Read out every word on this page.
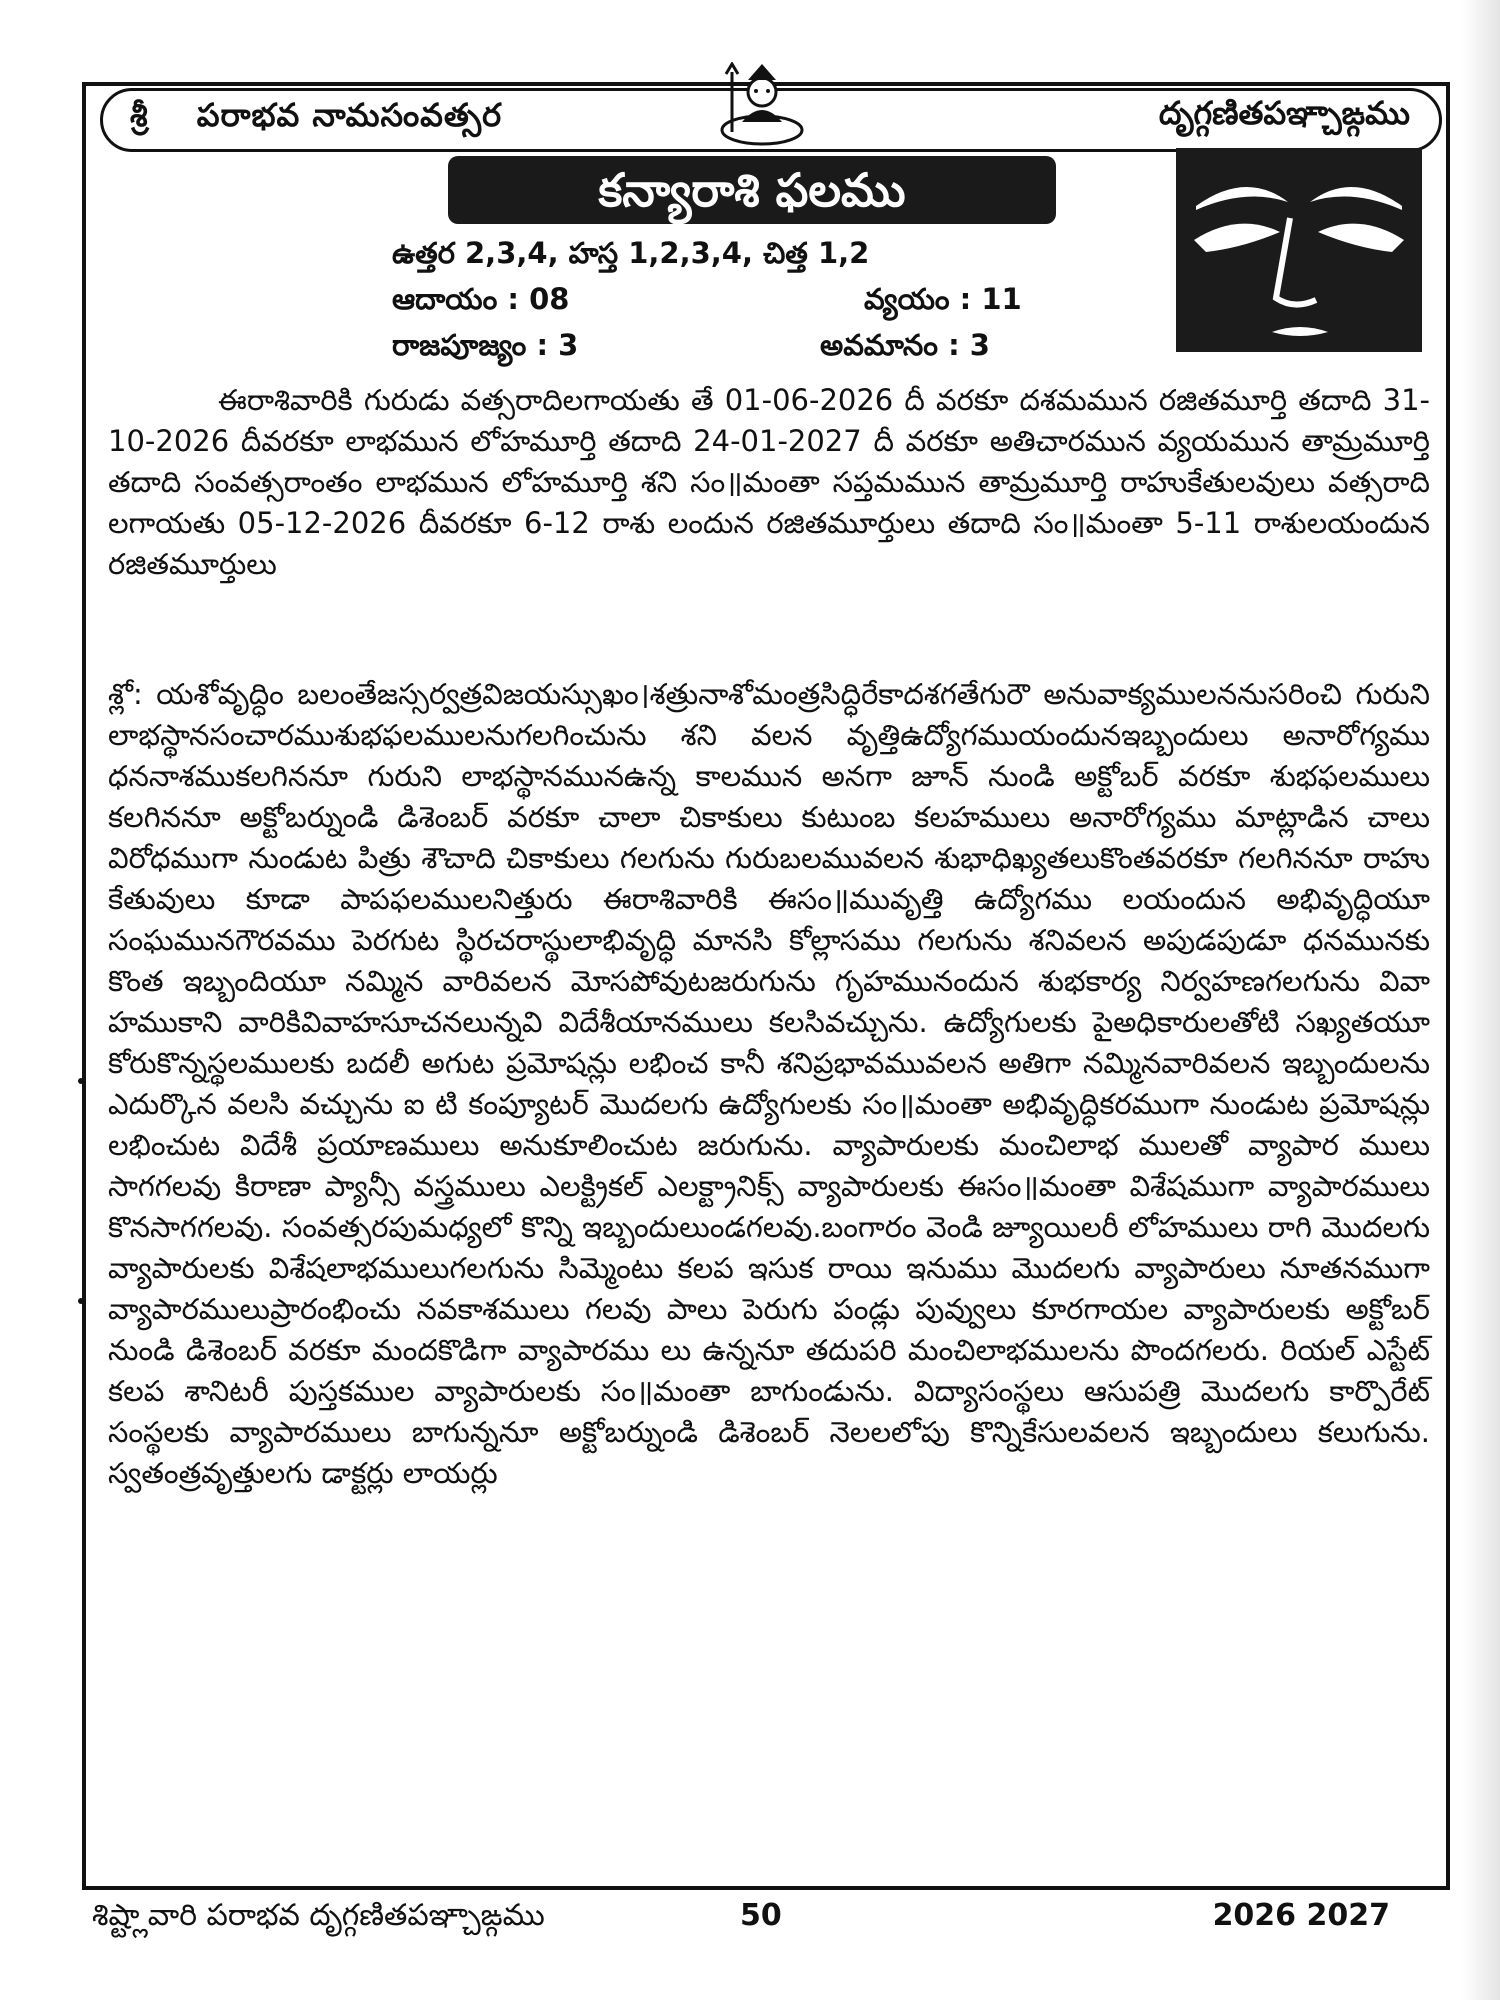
శ్రీ పరాభవ నామసంవత్సర	దృగ్గణితపఞ్చాఙ్గము
కన్యారాశి ఫలము
ఉత్తర 2,3,4, హస్త 1,2,3,4, చిత్త 1,2
ఆదాయం : 08	వ్యయం : 11
రాజపూజ్యం : 3	అవమానం : 3

ఈరాశివారికి గురుడు వత్సరాదిలగాయతు తే 01-06-2026 దీ వరకూ దశమమున రజితమూర్తి తదాది 31-10-2026 దీవరకూ లాభమున లోహమూర్తి తదాది 24-01-2027 దీ వరకూ అతిచారమున వ్యయమున తామ్రమూర్తి తదాది సంవత్సరాంతం లాభమున లోహమూర్తి శని సం॥మంతా సప్తమమున తామ్రమూర్తి రాహుకేతులవులు వత్సరాది లగాయతు 05-12-2026 దీవరకూ 6-12 రాశు లందున రజితమూర్తులు తదాది సం॥మంతా 5-11 రాశులయందున రజితమూర్తులు

శ్లో: యశోవృద్ధిం బలంతేజస్సర్వత్రవిజయస్సుఖం।శత్రునాశోమంత్రసిద్ధిరేకాదశగతేగురౌ అనువాక్యములననుసరించి గురుని లాభస్థానసంచారముశుభఫలములనుగలగించును శని వలన వృత్తిఉద్యోగముయందునఇబ్బందులు అనారోగ్యము ధననాశముకలగిననూ గురుని లాభస్థానమునఉన్న కాలమున అనగా జూన్ నుండి అక్టోబర్ వరకూ శుభఫలములు కలగిననూ అక్టోబర్నుండి డిశెంబర్ వరకూ చాలా చికాకులు కుటుంబ కలహములు అనారోగ్యము మాట్లాడిన చాలు విరోధముగా నుండుట పిత్రు శౌచాది చికాకులు గలగును గురుబలమువలన శుభాధిఖ్యతలుకొంతవరకూ గలగిననూ రాహు కేతువులు కూడా పాపఫలములనిత్తురు ఈరాశివారికి ఈసం॥మువృత్తి ఉద్యోగము లయందున అభివృద్ధియూ సంఘమునగౌరవము పెరగుట స్థిరచరాస్థులాభివృద్ధి మానసి కోల్లాసము గలగును శనివలన అపుడపుడూ ధనమునకు కొంత ఇబ్బందియూ నమ్మిన వారివలన మోసపోవుటజరుగును గృహమునందున శుభకార్య నిర్వహణగలగును వివా హముకాని వారికివివాహసూచనలున్నవి విదేశీయానములు కలసివచ్చును. ఉద్యోగులకు పైఅధికారులతోటి సఖ్యతయూ కోరుకొన్నస్థలములకు బదలీ అగుట ప్రమోషన్లు లభించ కానీ శనిప్రభావమువలన అతిగా నమ్మినవారివలన ఇబ్బందులను ఎదుర్కొన వలసి వచ్చును ఐ టి కంప్యూటర్ మొదలగు ఉద్యోగులకు సం॥మంతా అభివృద్ధికరముగా నుండుట ప్రమోషన్లు లభించుట విదేశీ ప్రయాణములు అనుకూలించుట జరుగును. వ్యాపారులకు మంచిలాభ ములతో వ్యాపార ములు సాగగలవు కిరాణా ప్యాన్సీ వస్త్రములు ఎలక్ట్రికల్ ఎలక్ట్రానిక్స్ వ్యాపారులకు ఈసం॥మంతా విశేషముగా వ్యాపారములు కొనసాగగలవు. సంవత్సరపుమధ్యలో కొన్ని ఇబ్బందులుండగలవు.బంగారం వెండి జ్యూయిలరీ లోహములు రాగి మొదలగు వ్యాపారులకు విశేషలాభములుగలగును సిమ్మెంటు కలప ఇసుక రాయి ఇనుము మొదలగు వ్యాపారులు నూతనముగా వ్యాపారములుప్రారంభించు నవకాశములు గలవు పాలు పెరుగు పండ్లు పువ్వులు కూరగాయల వ్యాపారులకు అక్టోబర్ నుండి డిశెంబర్ వరకూ మందకొడిగా వ్యాపారము లు ఉన్ననూ తదుపరి మంచిలాభములను పొందగలరు. రియల్ ఎస్టేట్ కలప శానిటరీ పుస్తకముల వ్యాపారులకు సం॥మంతా బాగుండును. విద్యాసంస్థలు ఆసుపత్రి మొదలగు కార్పొరేట్ సంస్థలకు వ్యాపారములు బాగున్ననూ అక్టోబర్నుండి డిశెంబర్ నెలలలోపు కొన్నికేసులవలన ఇబ్బందులు కలుగును. స్వతంత్రవృత్తులగు డాక్టర్లు లాయర్లు

శిష్ట్లావారి పరాభవ దృగ్గణితపఞ్చాఙ్గము	50	2026 2027
